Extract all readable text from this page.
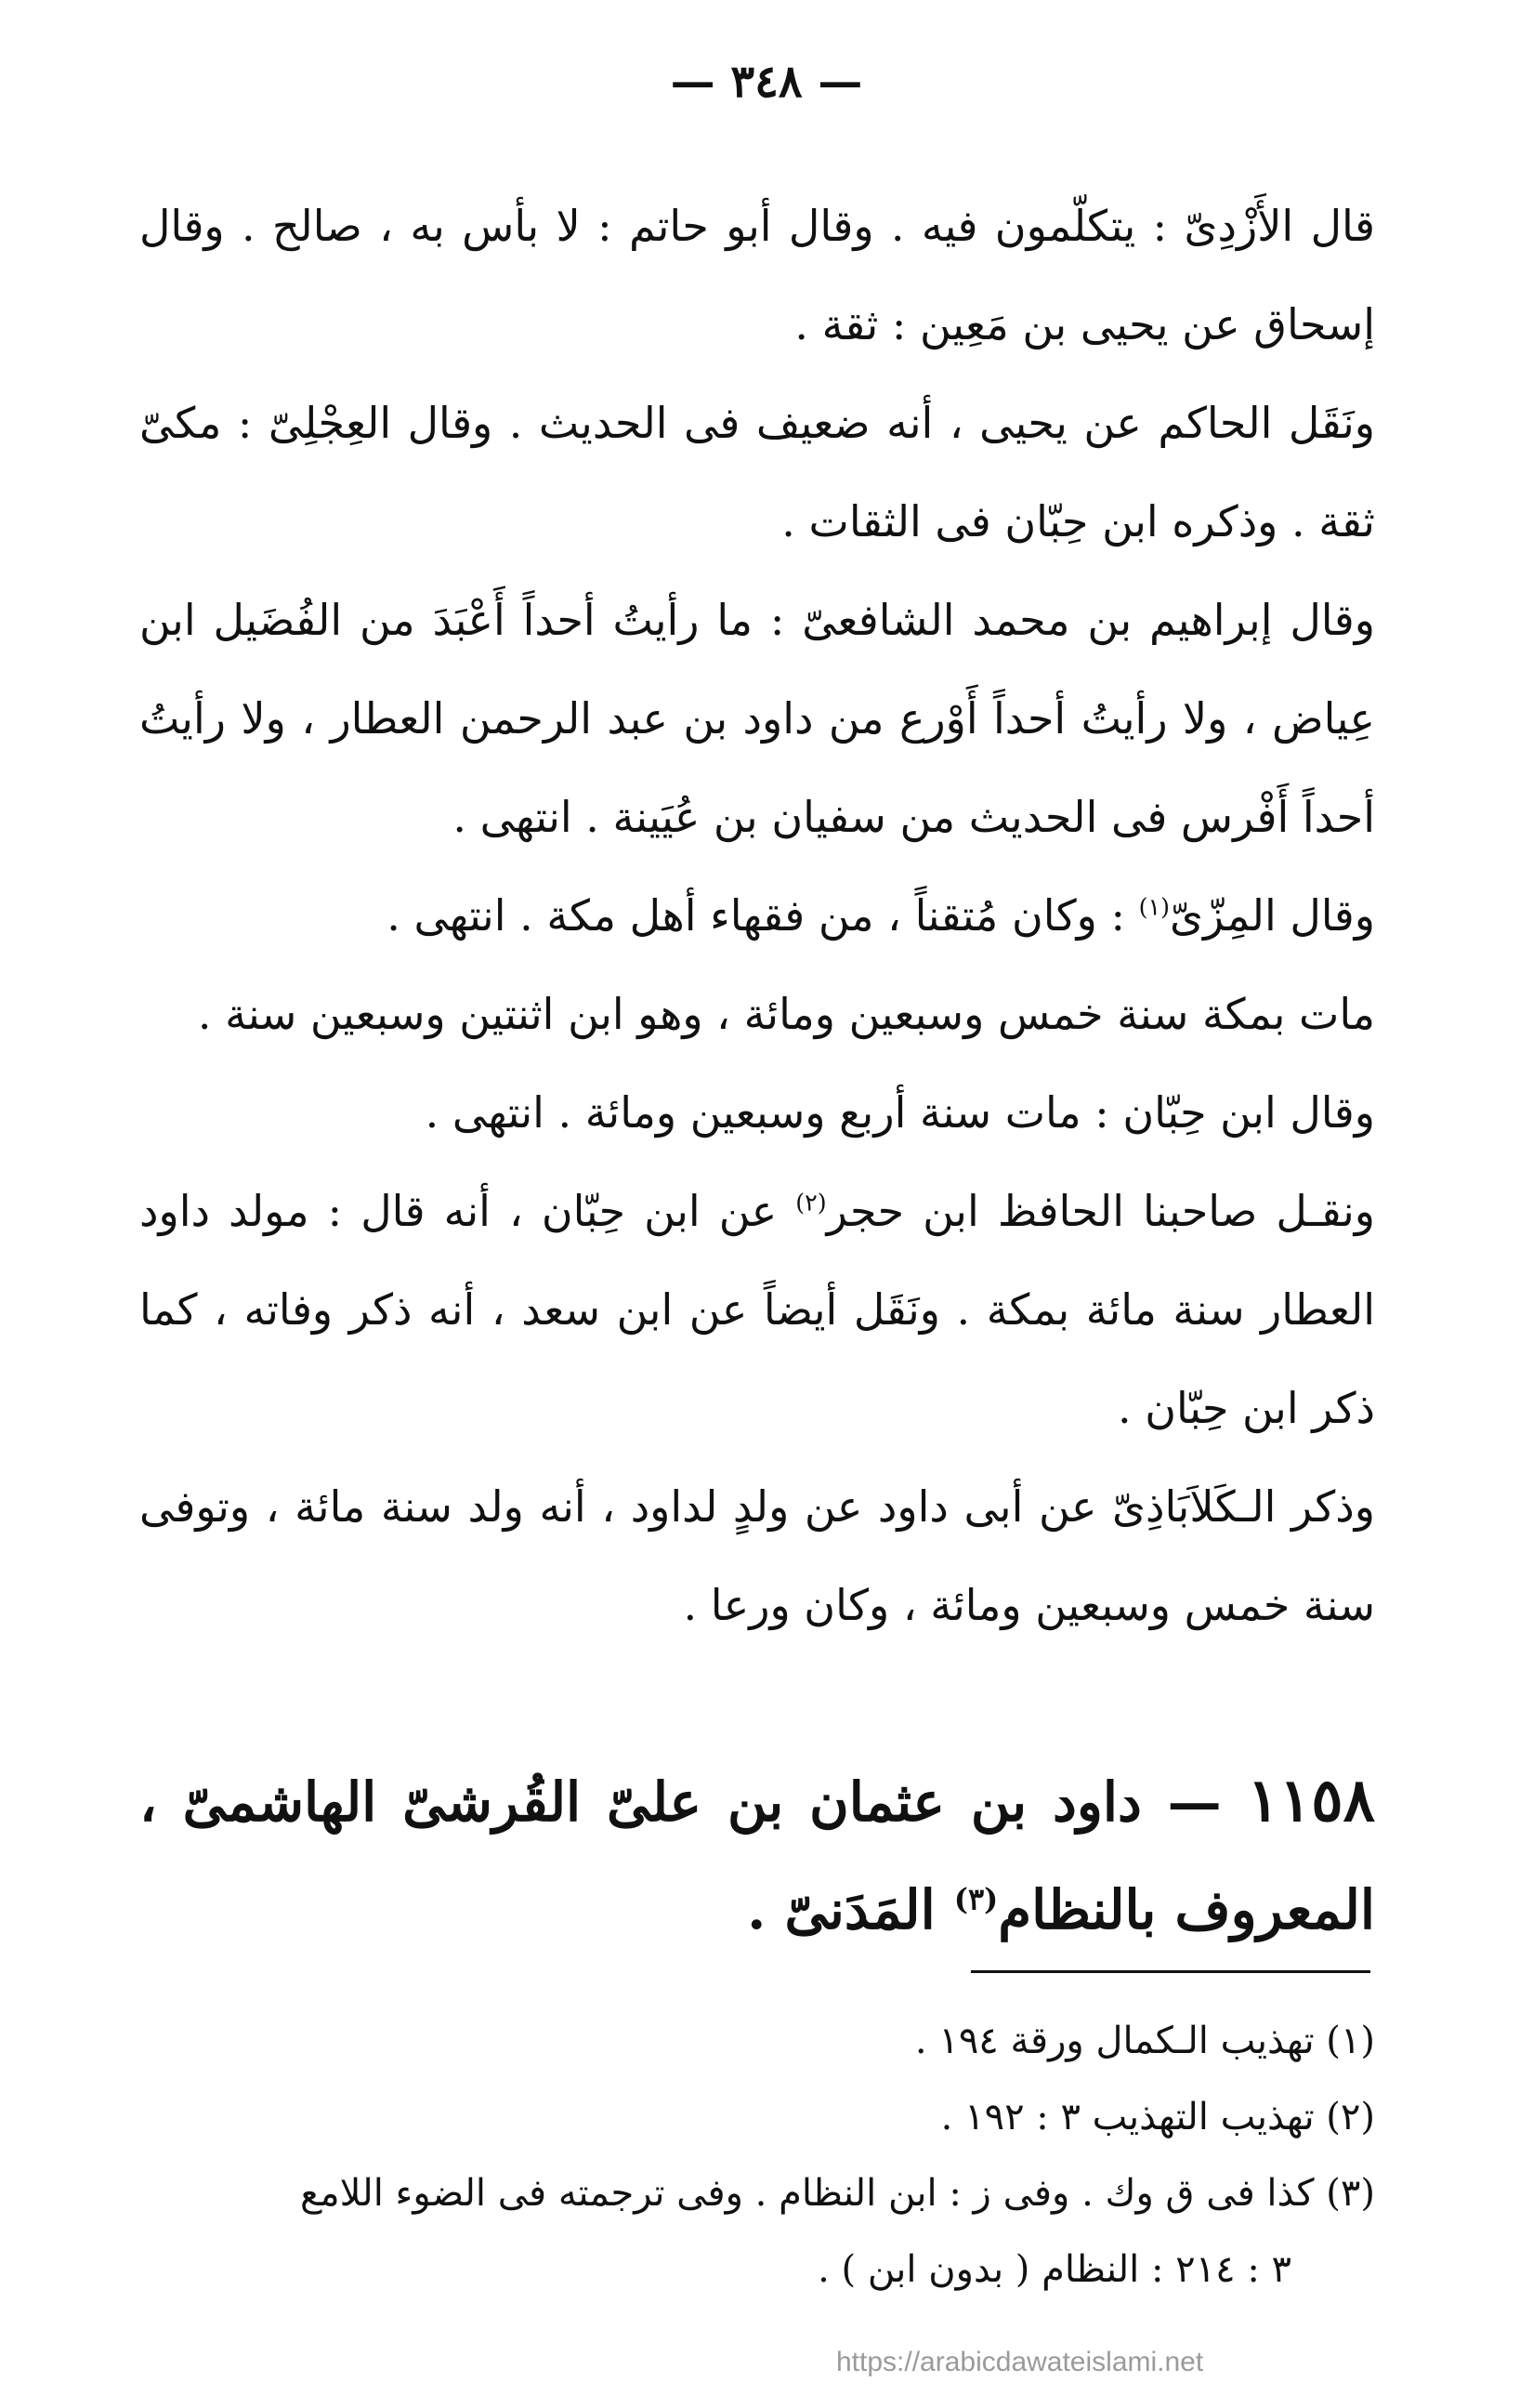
— ٣٤٨ —

قال الأَزْدِىّ : يتكلّمون فيه . وقال أبو حاتم : لا بأس به ، صالح . وقال إسحاق عن يحيى بن مَعِين : ثقة .

ونَقَل الحاكم عن يحيى ، أنه ضعيف فى الحديث . وقال العِجْلِىّ : مكىّ ثقة . وذكره ابن حِبّان فى الثقات .

وقال إبراهيم بن محمد الشافعىّ : ما رأيتُ أحداً أَعْبَدَ من الفُضَيل ابن عِياض ، ولا رأيتُ أحداً أَوْرع من داود بن عبد الرحمن العطار ، ولا رأيتُ أحداً أَفْرس فى الحديث من سفيان بن عُيَينة . انتهى .

وقال المِزّىّ$^{(١)}$ : وكان مُتقناً ، من فقهاء أهل مكة . انتهى .

مات بمكة سنة خمس وسبعين ومائة ، وهو ابن اثنتين وسبعين سنة .

وقال ابن حِبّان : مات سنة أربع وسبعين ومائة . انتهى .

ونقـل صاحبنا الحافظ ابن حجر$^{(٢)}$ عن ابن حِبّان ، أنه قال : مولد داود العطار سنة مائة بمكة . ونَقَل أيضاً عن ابن سعد ، أنه ذكر وفاته ، كما ذكر ابن حِبّان .

وذكر الـكَلاَبَاذِىّ عن أبى داود عن ولدٍ لداود ، أنه ولد سنة مائة ، وتوفى سنة خمس وسبعين ومائة ، وكان ورعا .

١١٥٨ — داود بن عثمان بن علىّ القُرشىّ الهاشمىّ ، المعروف بالنظام$^{(٣)}$ المَدَنىّ .

(١) تهذيب الـكمال ورقة ١٩٤ .

(٢) تهذيب التهذيب ٣ : ١٩٢ .

(٣) كذا فى ق وك . وفى ز : ابن النظام . وفى ترجمته فى الضوء اللامع

٣ : ٢١٤ : النظام ( بدون ابن ) .

https://arabicdawateislami.net
